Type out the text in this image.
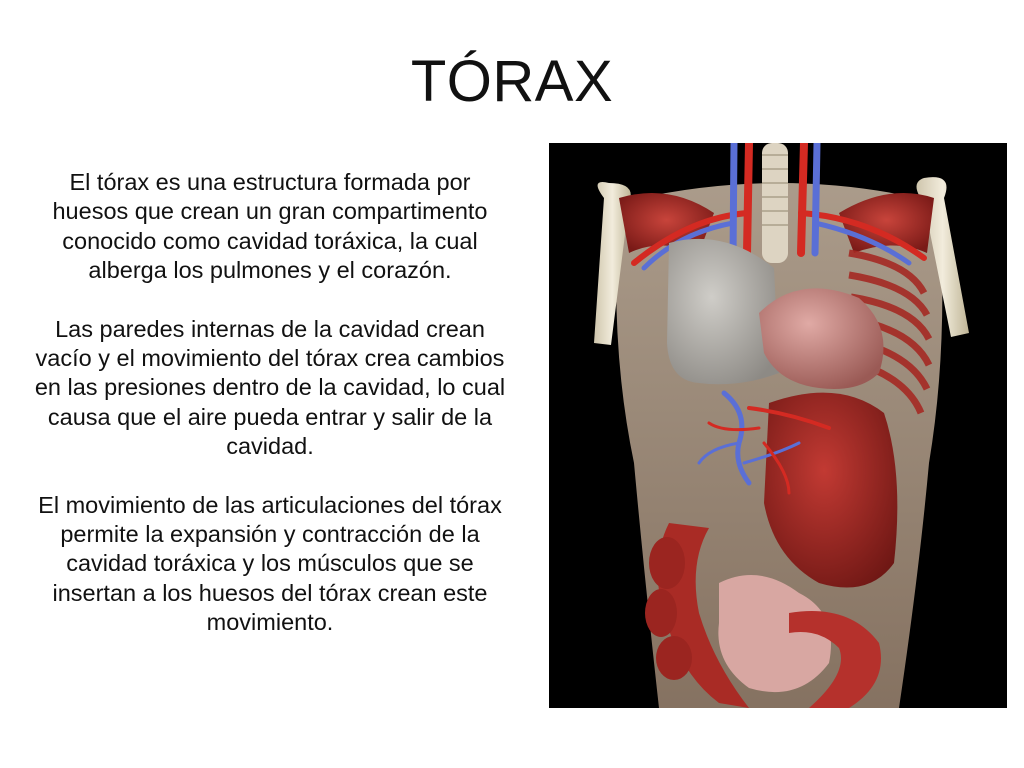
TÓRAX

El tórax es una estructura formada por huesos que crean un gran compartimento conocido como cavidad toráxica, la cual alberga los pulmones y el corazón.

Las paredes internas de la cavidad crean vacío y el movimiento del tórax crea cambios en las presiones dentro de la cavidad, lo cual causa que el aire pueda entrar y salir de la cavidad.

El movimiento de las articulaciones del tórax permite la expansión y contracción de la cavidad toráxica y los músculos que se insertan a los huesos del tórax crean este movimiento.
